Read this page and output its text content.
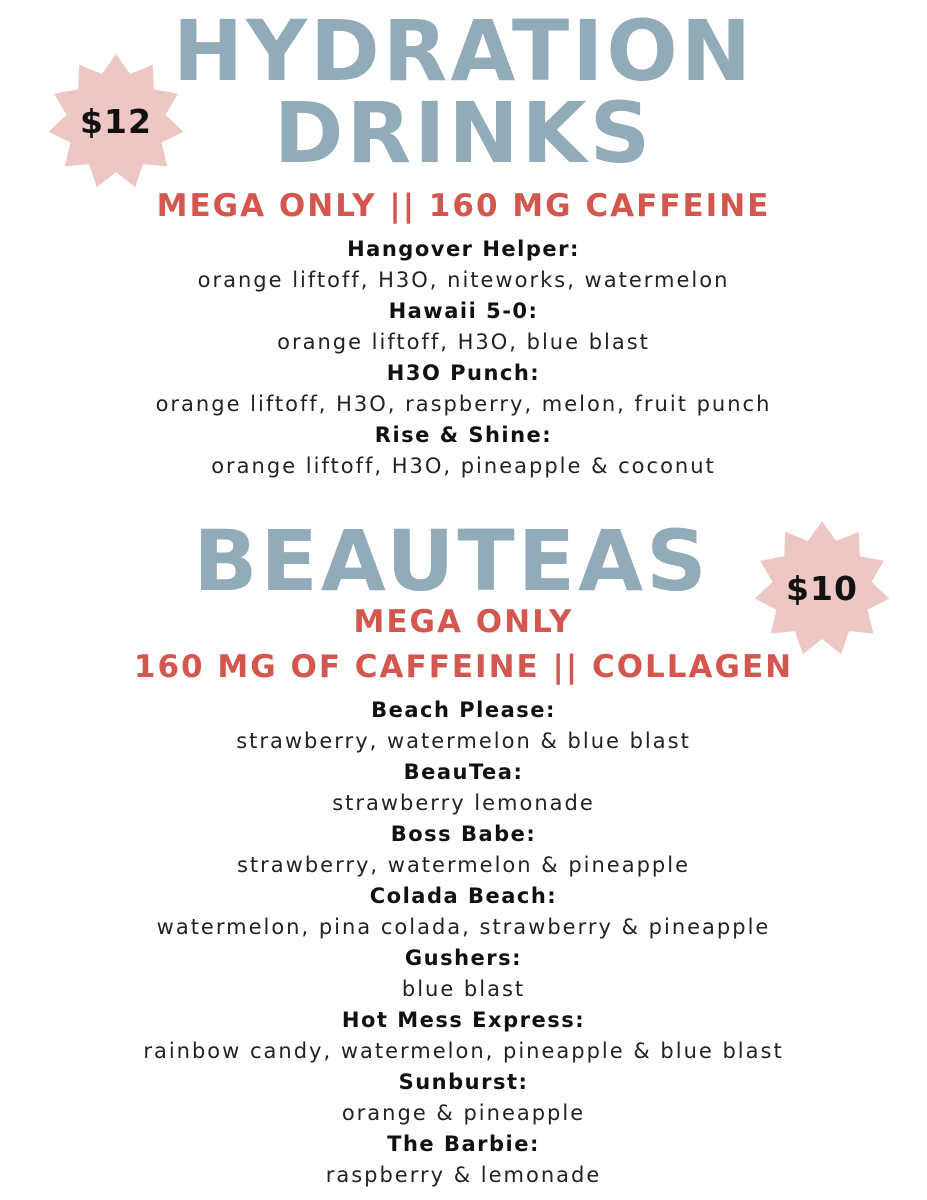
$12
HYDRATION
DRINKS
MEGA ONLY || 160 MG CAFFEINE
Hangover Helper:
orange liftoff, H3O, niteworks, watermelon
Hawaii 5-0:
orange liftoff, H3O, blue blast
H3O Punch:
orange liftoff, H3O, raspberry, melon, fruit punch
Rise & Shine:
orange liftoff, H3O, pineapple & coconut
BEAUTEAS	$10
MEGA ONLY
160 MG OF CAFFEINE || COLLAGEN
Beach Please:
strawberry, watermelon & blue blast
BeauTea:
strawberry lemonade
Boss Babe:
strawberry, watermelon & pineapple
Colada Beach:
watermelon, pina colada, strawberry & pineapple
Gushers:
blue blast
Hot Mess Express:
rainbow candy, watermelon, pineapple & blue blast
Sunburst:
orange & pineapple
The Barbie:
raspberry & lemonade
